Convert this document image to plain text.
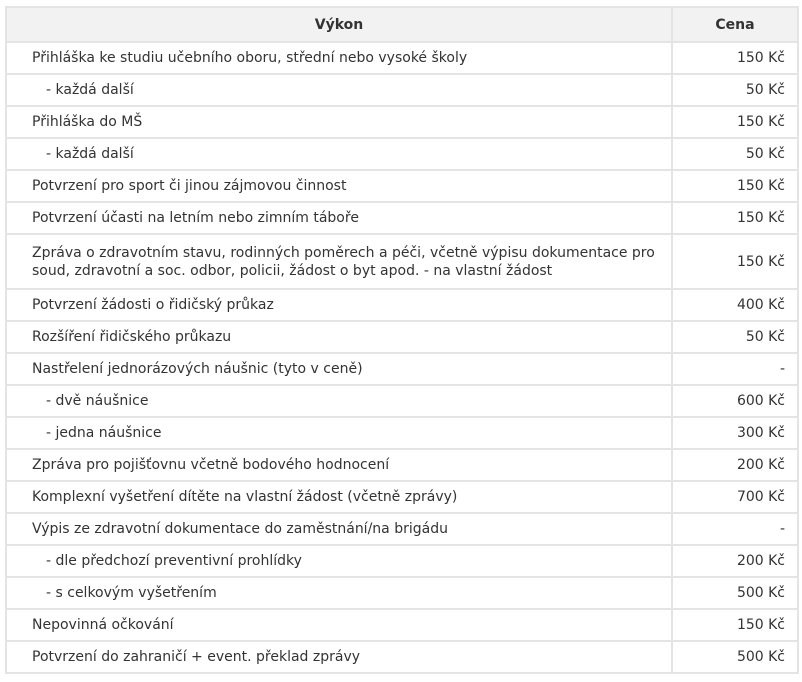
Výkon	Cena
Přihláška ke studiu učebního oboru, střední nebo vysoké školy	150 Kč
- každá další	50 Kč
Přihláška do MŠ	150 Kč
- každá další	50 Kč
Potvrzení pro sport či jinou zájmovou činnost	150 Kč
Potvrzení účasti na letním nebo zimním táboře	150 Kč
Zpráva o zdravotním stavu, rodinných poměrech a péči, včetně výpisu dokumentace pro soud, zdravotní a soc. odbor, policii, žádost o byt apod. - na vlastní žádost	150 Kč
Potvrzení žádosti o řidičský průkaz	400 Kč
Rozšíření řidičského průkazu	50 Kč
Nastřelení jednorázových náušnic (tyto v ceně)	-
- dvě náušnice	600 Kč
- jedna náušnice	300 Kč
Zpráva pro pojišťovnu včetně bodového hodnocení	200 Kč
Komplexní vyšetření dítěte na vlastní žádost (včetně zprávy)	700 Kč
Výpis ze zdravotní dokumentace do zaměstnání/na brigádu	-
- dle předchozí preventivní prohlídky	200 Kč
- s celkovým vyšetřením	500 Kč
Nepovinná očkování	150 Kč
Potvrzení do zahraničí + event. překlad zprávy	500 Kč
